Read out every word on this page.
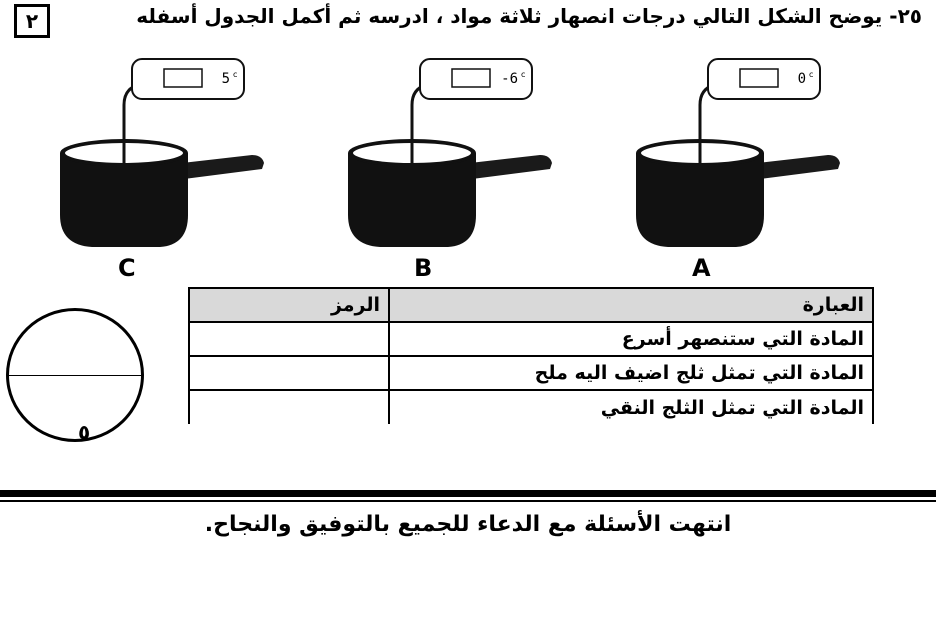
٢٥- يوضح الشكل التالي درجات انصهار ثلاثة مواد ، ادرسه ثم أكمل الجدول أسفله
٢
5 c	-6 c	0 c
C	B	A
العبارة	الرمز
المادة التي ستنصهر أسرع	
المادة التي تمثل ثلج اضيف اليه ملح	
المادة التي تمثل الثلج النقي	
٥
انتهت الأسئلة مع الدعاء للجميع بالتوفيق والنجاح.
